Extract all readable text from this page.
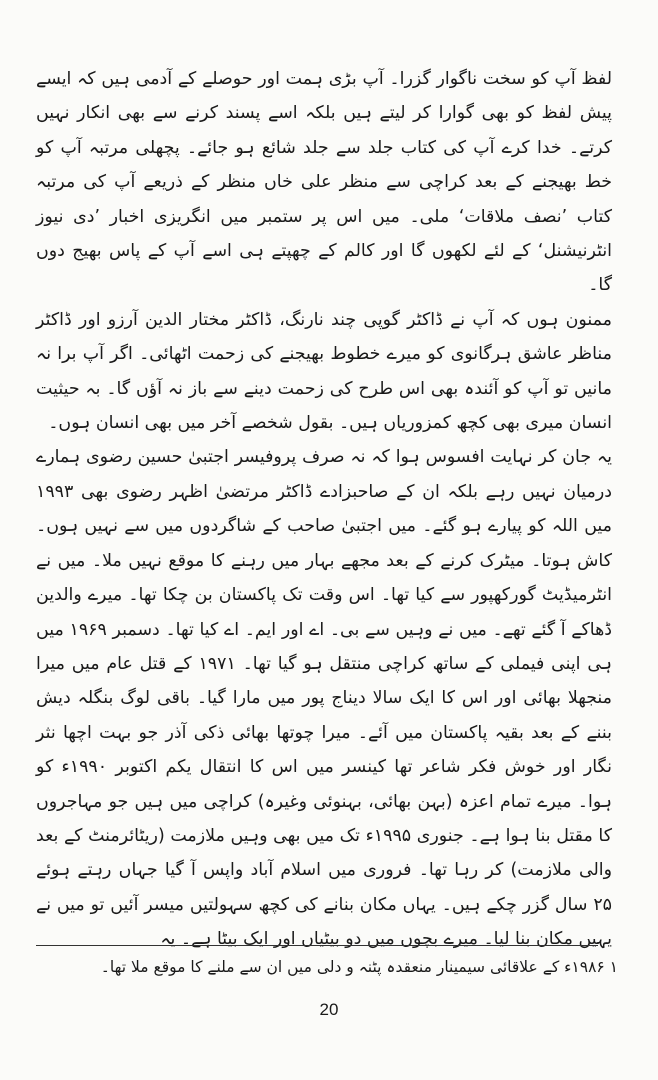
لفظ آپ کو سخت ناگوار گزرا۔ آپ بڑی ہمت اور حوصلے کے آدمی ہیں کہ ایسے پیش لفظ کو بھی گوارا کر لیتے ہیں بلکہ اسے پسند کرنے سے بھی انکار نہیں کرتے۔ خدا کرے آپ کی کتاب جلد سے جلد شائع ہو جائے۔ پچھلی مرتبہ آپ کو خط بھیجنے کے بعد کراچی سے منظر علی خاں منظر کے ذریعے آپ کی مرتبہ کتاب ’نصف ملاقات‘ ملی۔ میں اس پر ستمبر میں انگریزی اخبار ’دی نیوز انٹرنیشنل‘ کے لئے لکھوں گا اور کالم کے چھپتے ہی اسے آپ کے پاس بھیج دوں گا۔

ممنون ہوں کہ آپ نے ڈاکٹر گوپی چند نارنگ، ڈاکٹر مختار الدین آرزو اور ڈاکٹر مناظر عاشق ہرگانوی کو میرے خطوط بھیجنے کی زحمت اٹھائی۔ اگر آپ برا نہ مانیں تو آپ کو آئندہ بھی اس طرح کی زحمت دینے سے باز نہ آؤں گا۔ بہ حیثیت انسان میری بھی کچھ کمزوریاں ہیں۔ بقول شخصے آخر میں بھی انسان ہوں۔

یہ جان کر نہایت افسوس ہوا کہ نہ صرف پروفیسر اجتبیٰ حسین رضوی ہمارے درمیان نہیں رہے بلکہ ان کے صاحبزادے ڈاکٹر مرتضیٰ اظہر رضوی بھی ۱۹۹۳ میں اللہ کو پیارے ہو گئے۔ میں اجتبیٰ صاحب کے شاگردوں میں سے نہیں ہوں۔ کاش ہوتا۔ میٹرک کرنے کے بعد مجھے بہار میں رہنے کا موقع نہیں ملا۔ میں نے انٹرمیڈیٹ گورکھپور سے کیا تھا۔ اس وقت تک پاکستان بن چکا تھا۔ میرے والدین ڈھاکے آ گئے تھے۔ میں نے وہیں سے بی۔ اے اور ایم۔ اے کیا تھا۔ دسمبر ۱۹۶۹ میں ہی اپنی فیملی کے ساتھ کراچی منتقل ہو گیا تھا۔ ۱۹۷۱ کے قتل عام میں میرا منجھلا بھائی اور اس کا ایک سالا دیناج پور میں مارا گیا۔ باقی لوگ بنگلہ دیش بننے کے بعد بقیہ پاکستان میں آئے۔ میرا چوتھا بھائی ذکی آذر جو بہت اچھا نثر نگار اور خوش فکر شاعر تھا کینسر میں اس کا انتقال یکم اکتوبر ۱۹۹۰ء کو ہوا۔ میرے تمام اعزہ (بہن بھائی، بہنوئی وغیرہ) کراچی میں ہیں جو مہاجروں کا مقتل بنا ہوا ہے۔ جنوری ۱۹۹۵ء تک میں بھی وہیں ملازمت (ریٹائرمنٹ کے بعد والی ملازمت) کر رہا تھا۔ فروری میں اسلام آباد واپس آ گیا جہاں رہتے ہوئے ۲۵ سال گزر چکے ہیں۔ یہاں مکان بنانے کی کچھ سہولتیں میسر آئیں تو میں نے یہیں مکان بنا لیا۔ میرے بچوں میں دو بیٹیاں اور ایک بیٹا ہے۔ یہ

۱ ۱۹۸۶ء کے علاقائی سیمینار منعقدہ پٹنہ و دلی میں ان سے ملنے کا موقع ملا تھا۔

20
